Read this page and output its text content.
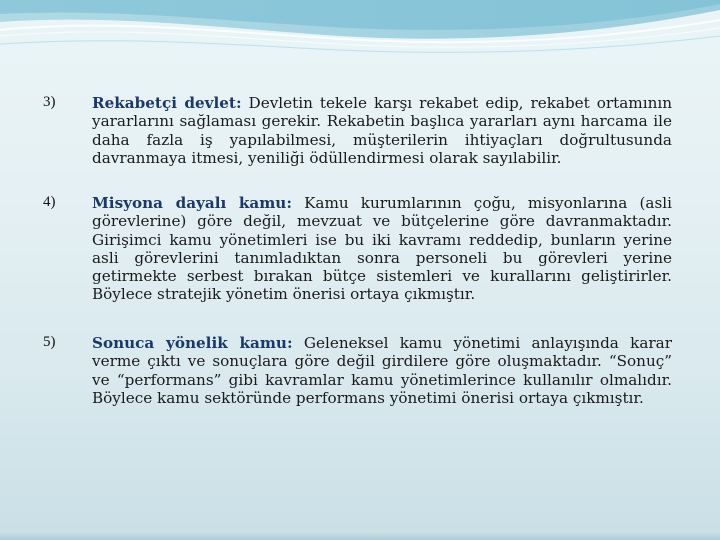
3) Rekabetçi devlet: Devletin tekele karşı rekabet edip, rekabet ortamının yararlarını sağlaması gerekir. Rekabetin başlıca yararları aynı harcama ile daha fazla iş yapılabilmesi, müşterilerin ihtiyaçları doğrultusunda davranmaya itmesi, yeniliği ödüllendirmesi olarak sayılabilir.

4) Misyona dayalı kamu: Kamu kurumlarının çoğu, misyonlarına (asli görevlerine) göre değil, mevzuat ve bütçelerine göre davranmaktadır. Girişimci kamu yönetimleri ise bu iki kavramı reddedip, bunların yerine asli görevlerini tanımladıktan sonra personeli bu görevleri yerine getirmekte serbest bırakan bütçe sistemleri ve kurallarını geliştirirler. Böylece stratejik yönetim önerisi ortaya çıkmıştır.

5) Sonuca yönelik kamu: Geleneksel kamu yönetimi anlayışında karar verme çıktı ve sonuçlara göre değil girdilere göre oluşmaktadır. “Sonuç” ve “performans” gibi kavramlar kamu yönetimlerince kullanılır olmalıdır. Böylece kamu sektöründe performans yönetimi önerisi ortaya çıkmıştır.
